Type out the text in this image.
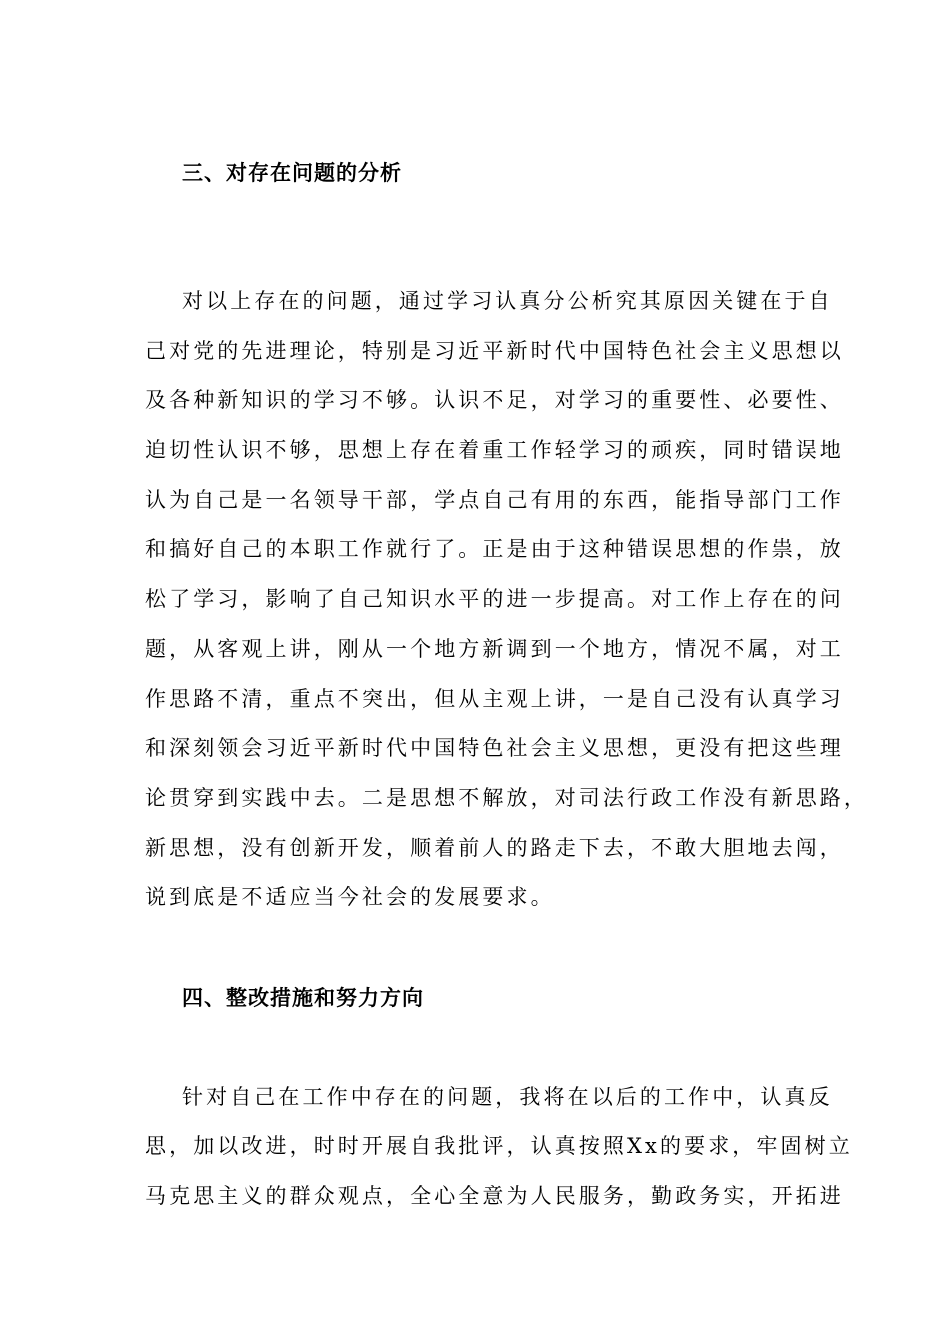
三、对存在问题的分析
对以上存在的问题，通过学习认真分公析究其原因关键在于自
己对党的先进理论，特别是习近平新时代中国特色社会主义思想以
及各种新知识的学习不够。认识不足，对学习的重要性、必要性、
迫切性认识不够，思想上存在着重工作轻学习的顽疾，同时错误地
认为自己是一名领导干部，学点自己有用的东西，能指导部门工作
和搞好自己的本职工作就行了。正是由于这种错误思想的作祟，放
松了学习，影响了自己知识水平的进一步提高。对工作上存在的问
题，从客观上讲，刚从一个地方新调到一个地方，情况不属，对工
作思路不清，重点不突出，但从主观上讲，一是自己没有认真学习
和深刻领会习近平新时代中国特色社会主义思想，更没有把这些理
论贯穿到实践中去。二是思想不解放，对司法行政工作没有新思路，
新思想，没有创新开发，顺着前人的路走下去，不敢大胆地去闯，
说到底是不适应当今社会的发展要求。
四、整改措施和努力方向
针对自己在工作中存在的问题，我将在以后的工作中，认真反
思，加以改进，时时开展自我批评，认真按照Xx的要求，牢固树立
马克思主义的群众观点，全心全意为人民服务，勤政务实，开拓进
